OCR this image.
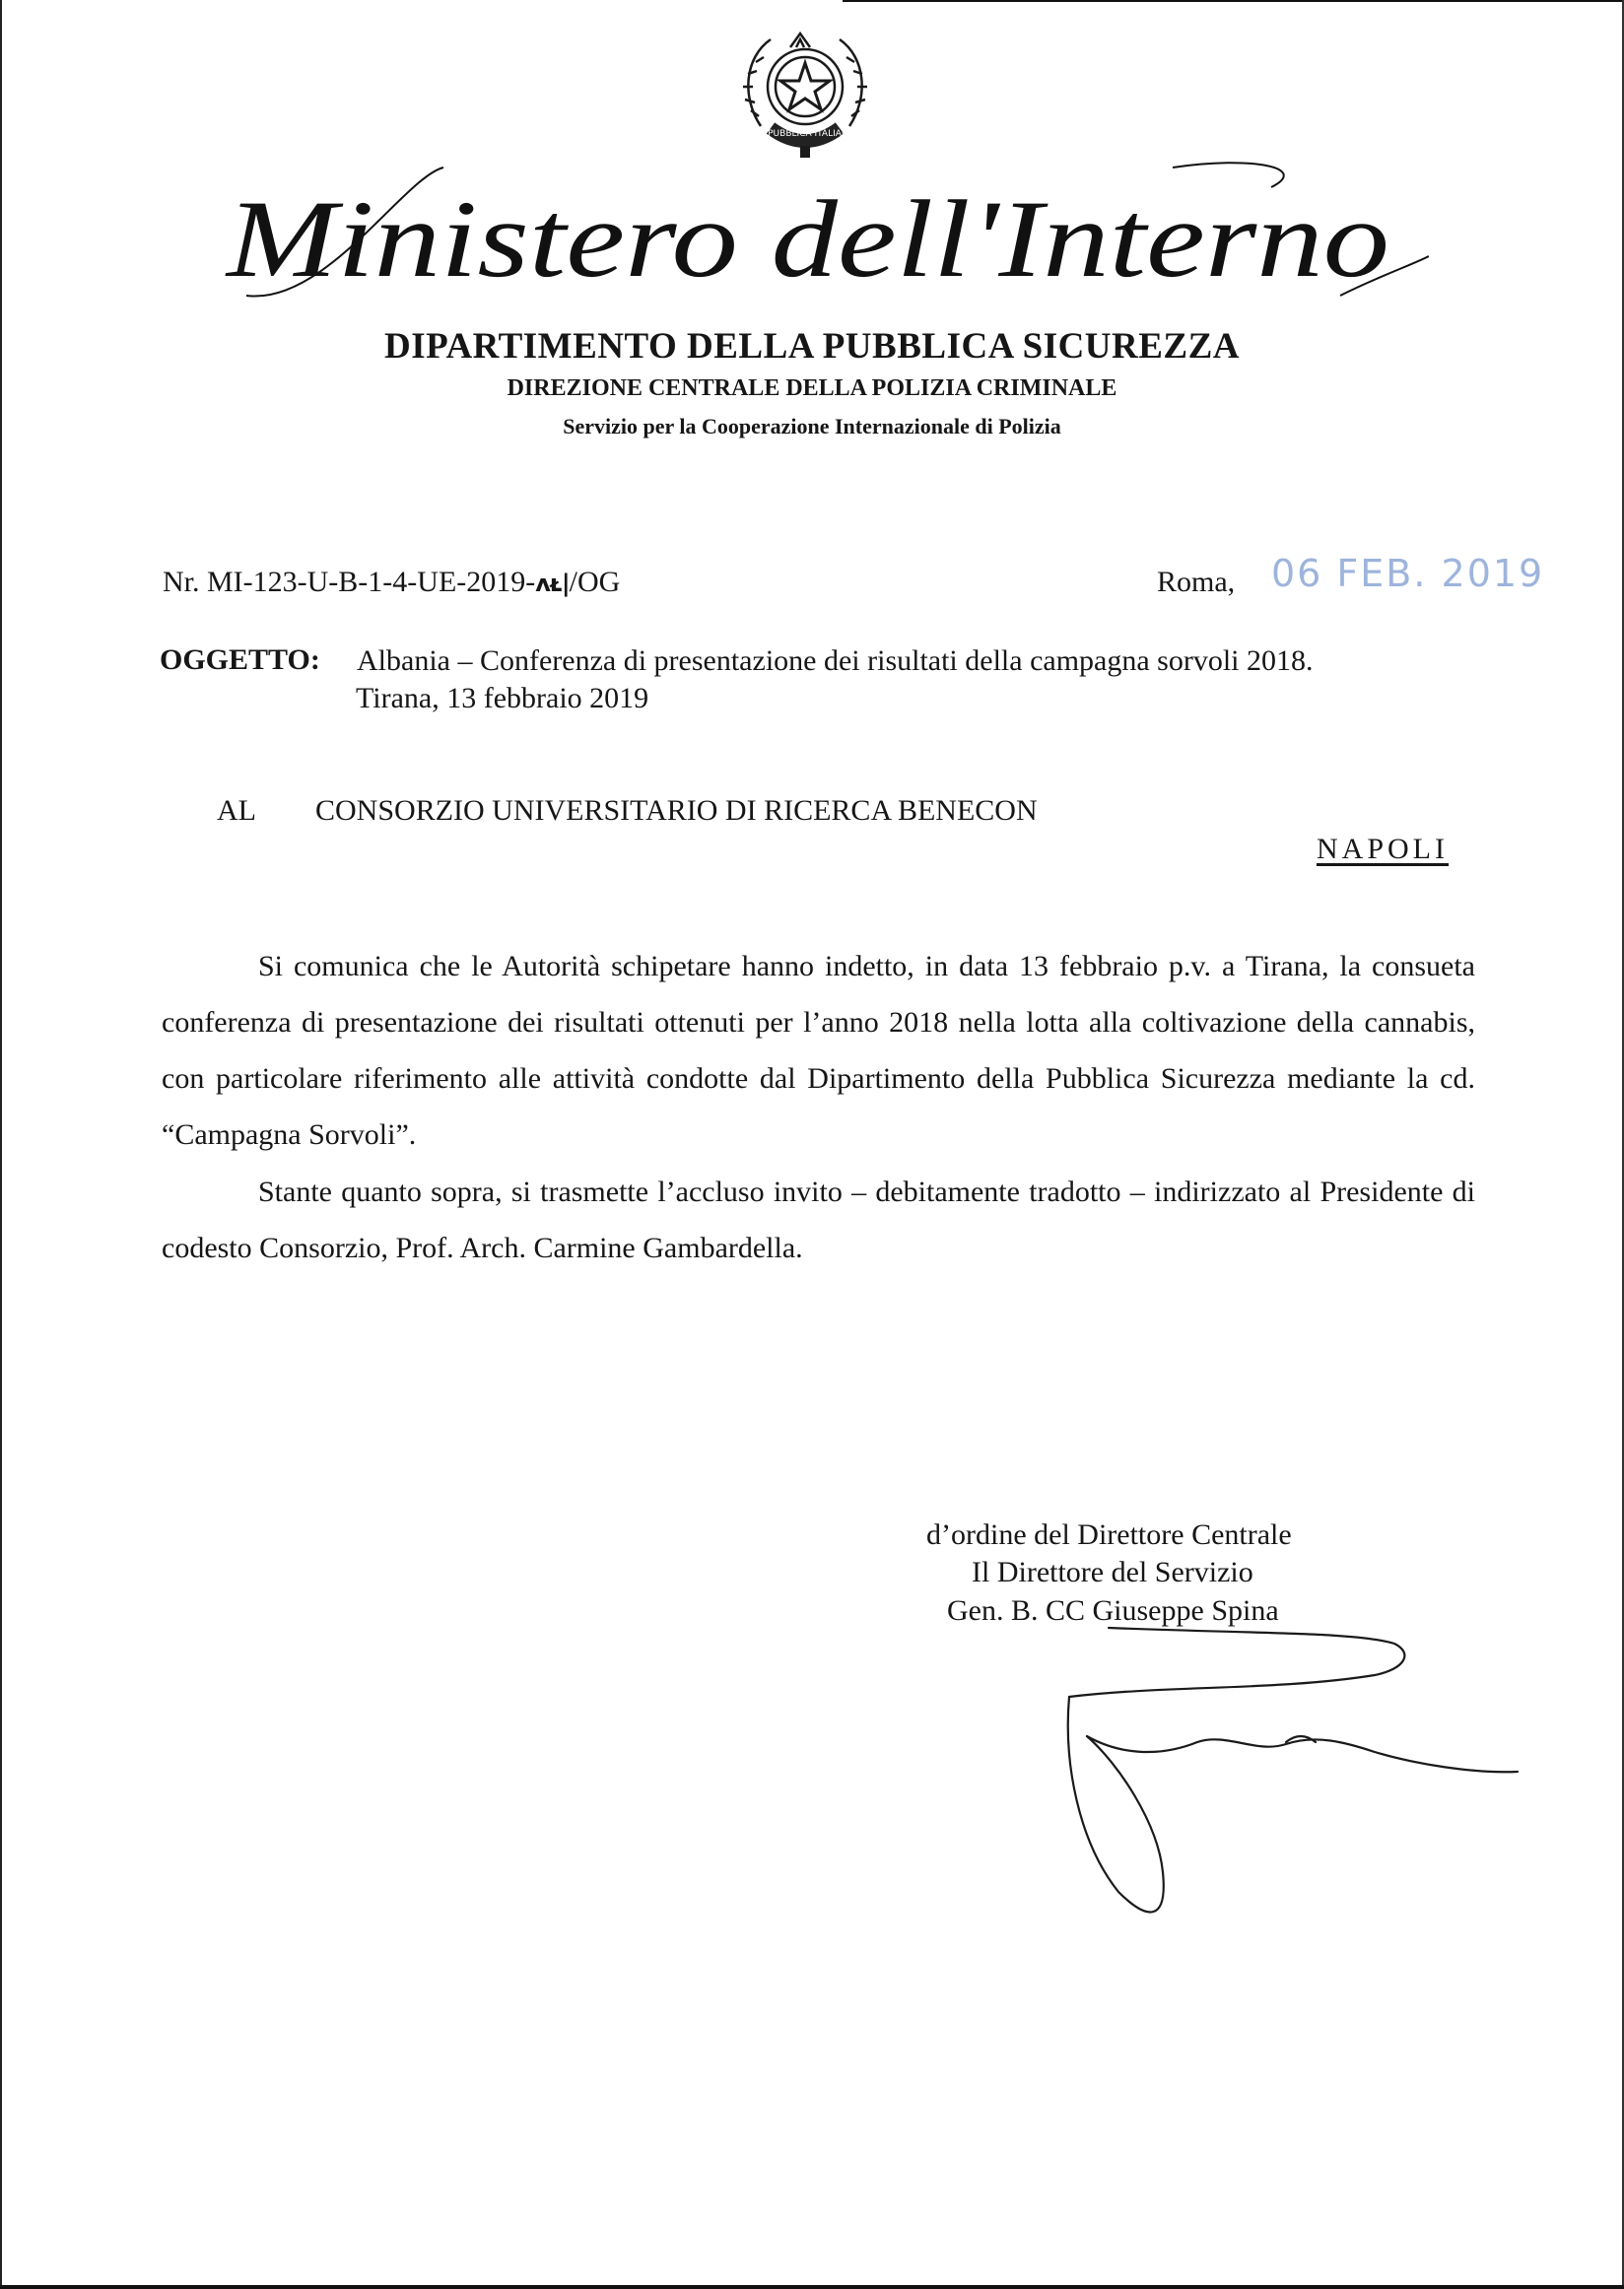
REPUBBLICA ITALIANA
Ministero dell'Interno
DIPARTIMENTO DELLA PUBBLICA SICUREZZA
DIREZIONE CENTRALE DELLA POLIZIA CRIMINALE
Servizio per la Cooperazione Internazionale di Polizia
Nr. MI-123-U-B-1-4-UE-2019-ᴧᴌ|/OG	Roma, 06 FEB. 2019
OGGETTO: Albania – Conferenza di presentazione dei risultati della campagna sorvoli 2018.
Tirana, 13 febbraio 2019
AL CONSORZIO UNIVERSITARIO DI RICERCA BENECON
NAPOLI
Si comunica che le Autorità schipetare hanno indetto, in data 13 febbraio p.v. a Tirana, la consueta conferenza di presentazione dei risultati ottenuti per l’anno 2018 nella lotta alla coltivazione della cannabis, con particolare riferimento alle attività condotte dal Dipartimento della Pubblica Sicurezza mediante la cd. “Campagna Sorvoli”.
Stante quanto sopra, si trasmette l’accluso invito – debitamente tradotto – indirizzato al Presidente di codesto Consorzio, Prof. Arch. Carmine Gambardella.
d’ordine del Direttore Centrale
Il Direttore del Servizio
Gen. B. CC Giuseppe Spina
